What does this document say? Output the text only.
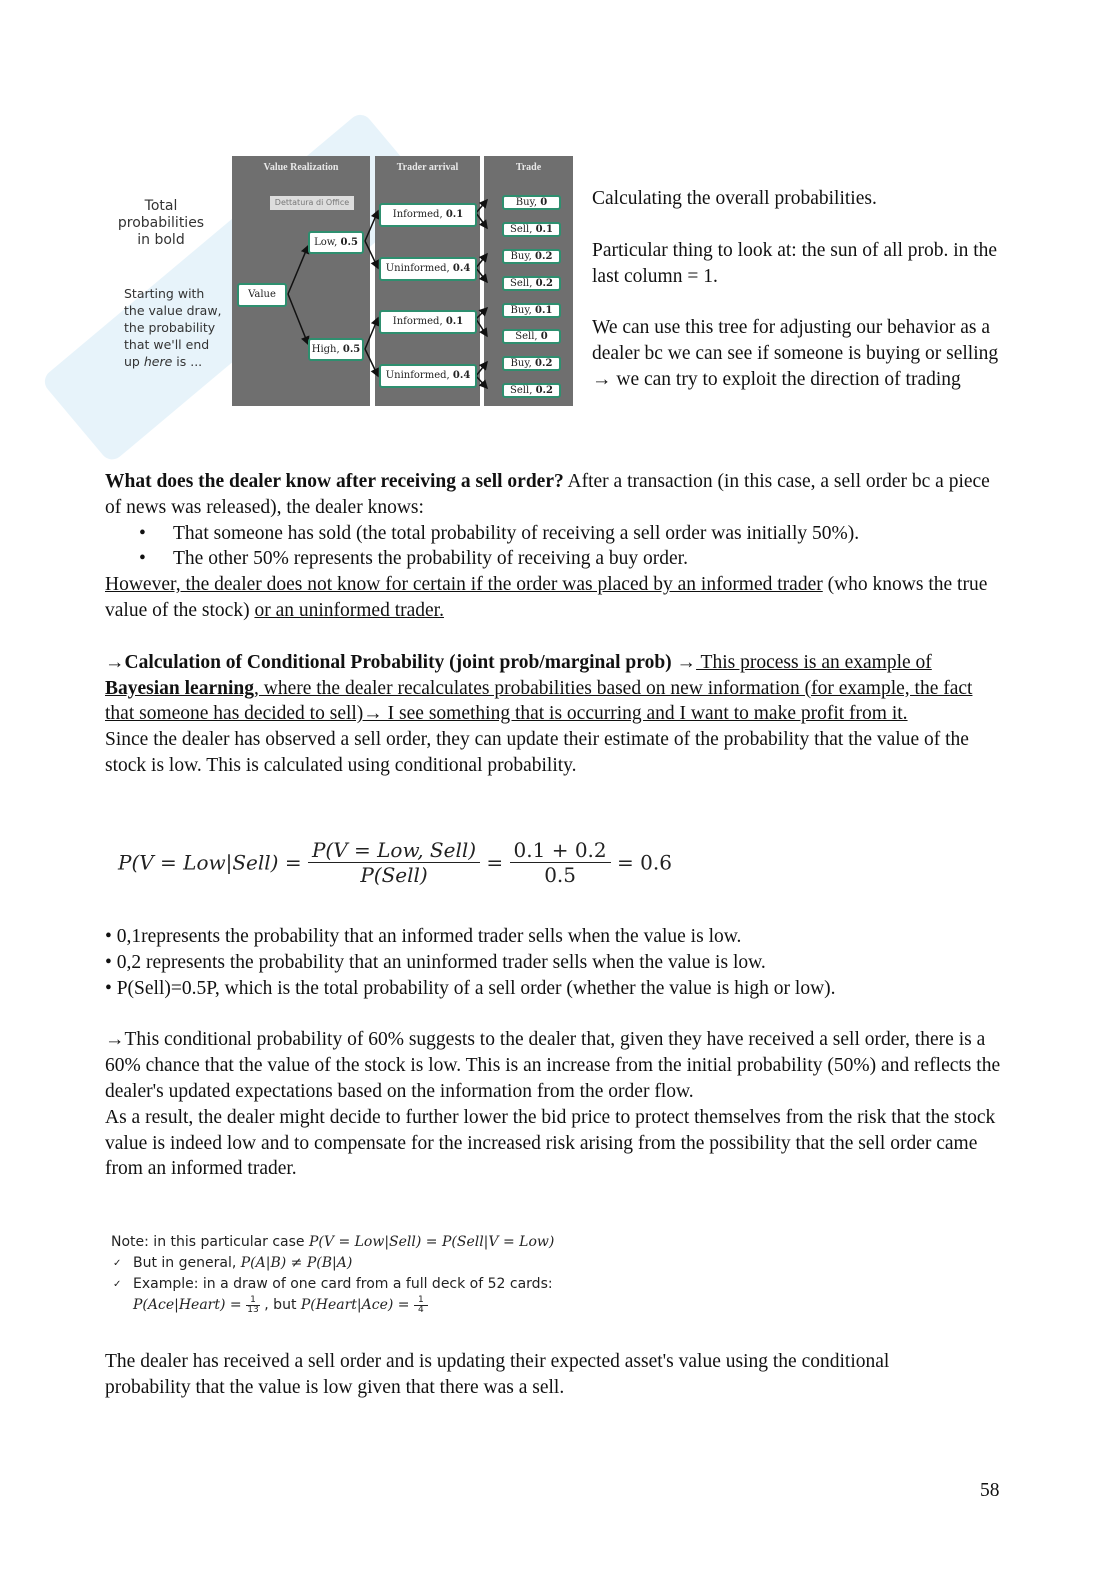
Total probabilities in bold
Starting with the value draw, the probability that we'll end up here is ...
Value Realization	Trader arrival	Trade
Dettatura di Office
Value
Low, 0.5
High, 0.5
Informed, 0.1
Uninformed, 0.4
Informed, 0.1
Uninformed, 0.4
Buy, 0
Sell, 0.1
Buy, 0.2
Sell, 0.2
Buy, 0.1
Sell, 0
Buy, 0.2
Sell, 0.2
Calculating the overall probabilities.
Particular thing to look at: the sun of all prob. in the last column = 1.
We can use this tree for adjusting our behavior as a dealer bc we can see if someone is buying or selling → we can try to exploit the direction of trading
What does the dealer know after receiving a sell order? After a transaction (in this case, a sell order bc a piece of news was released), the dealer knows:
• That someone has sold (the total probability of receiving a sell order was initially 50%).
• The other 50% represents the probability of receiving a buy order.
However, the dealer does not know for certain if the order was placed by an informed trader (who knows the true value of the stock) or an uninformed trader.
→Calculation of Conditional Probability (joint prob/marginal prob) → This process is an example of Bayesian learning, where the dealer recalculates probabilities based on new information (for example, the fact that someone has decided to sell)→ I see something that is occurring and I want to make profit from it.
Since the dealer has observed a sell order, they can update their estimate of the probability that the value of the stock is low. This is calculated using conditional probability.
P(V = Low|Sell) = $\frac{\text{P(V = Low, Sell)}}{\text{P(Sell)}} = \frac{0.1 + 0.2}{0.5} = 0.6$
• 0,1represents the probability that an informed trader sells when the value is low.
• 0,2 represents the probability that an uninformed trader sells when the value is low.
• P(Sell)=0.5P, which is the total probability of a sell order (whether the value is high or low).
→This conditional probability of 60% suggests to the dealer that, given they have received a sell order, there is a 60% chance that the value of the stock is low. This is an increase from the initial probability (50%) and reflects the dealer's updated expectations based on the information from the order flow.
As a result, the dealer might decide to further lower the bid price to protect themselves from the risk that the stock value is indeed low and to compensate for the increased risk arising from the possibility that the sell order came from an informed trader.
Note: in this particular case P(V = Low|Sell) = P(Sell|V = Low)
✓ But in general, P(A|B) ≠ P(B|A)
✓ Example: in a draw of one card from a full deck of 52 cards:
P(Ace|Heart) = $\frac{1}{13}$ , but P(Heart|Ace) = $\frac{1}{4}$
The dealer has received a sell order and is updating their expected asset's value using the conditional probability that the value is low given that there was a sell.
58
